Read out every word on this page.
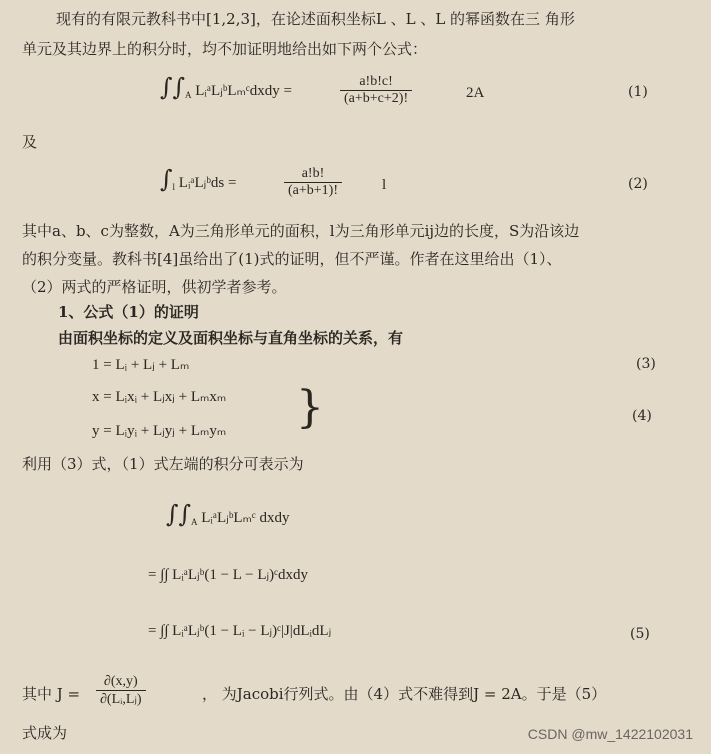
现有的有限元教科书中[1,2,3]，在论述面积坐标L 、L 、L 的幂函数在三 角形
单元及其边界上的积分时，均不加证明地给出如下两个公式：
$\int\int_A$ LᵢᵃLⱼᵇLₘᶜdxdy =	$\frac{a!b!c!}{(a+b+c+2)!}$	2A	(1)
及
$\int_l$ LᵢᵃLⱼᵇds =	$\frac{a!b!}{(a+b+1)!}$	l	(2)
其中a、b、c为整数，A为三角形单元的面积，l为三角形单元ij边的长度，S为沿该边
的积分变量。教科书[4]虽给出了(1)式的证明，但不严谨。作者在这里给出（1）、
（2）两式的严格证明，供初学者参考。
1、公式（1）的证明
由面积坐标的定义及面积坐标与直角坐标的关系，有
1 = Lᵢ + Lⱼ + Lₘ	(3)
x = Lᵢxᵢ + Lⱼxⱼ + Lₘxₘ
y = Lᵢyᵢ + Lⱼyⱼ + Lₘyₘ }	(4)
利用（3）式，（1）式左端的积分可表示为
$\int\int_A$ LᵢᵃLⱼᵇLₘᶜ dxdy
= ∫∫ LᵢᵃLⱼᵇ(1 − L − Lⱼ)ᶜdxdy
= ∫∫ LᵢᵃLⱼᵇ(1 − Lᵢ − Lⱼ)ᶜ|J|dLᵢdLⱼ	(5)
其中 $J = \frac{\partial(x,y)}{\text{∂(Lᵢ,Lⱼ)}}$	， 为Jacobi行列式。由（4）式不难得到J = 2A。于是（5）
式成为	CSDN @mw_1422102031
